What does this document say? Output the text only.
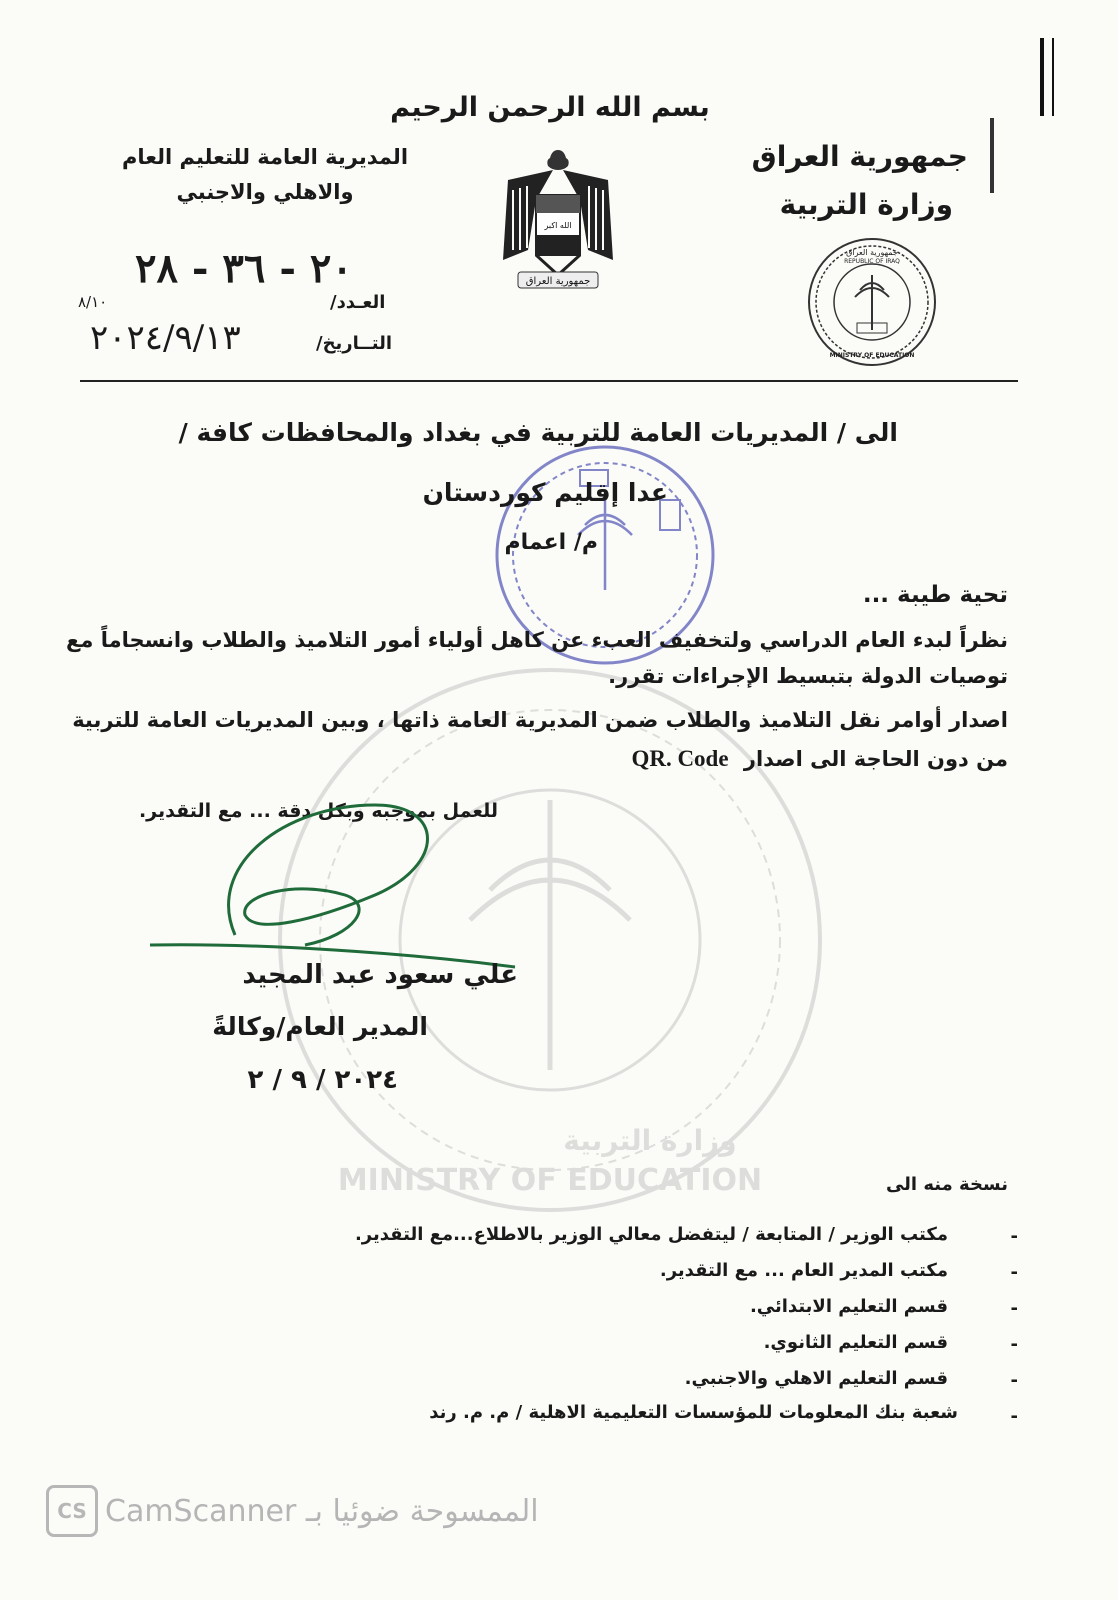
بسم الله الرحمن الرحيم
جمهورية العراق
وزارة التربية
المديرية العامة للتعليم العام
والاهلي والاجنبي
الله اكبر
جمهورية العراق
جمهورية العراق
REPUBLIC OF IRAQ
MINISTRY OF EDUCATION
العـدد/
٢٠ - ٣٦ - ٢٨
٨/١٠
التــاريخ/
٢٠٢٤/٩/١٣
MINISTRY OF EDUCATION
وزارة التربية
الى / المديريات العامة للتربية في بغداد والمحافظات كافة /
عدا إقليم كوردستان
م/ اعمام
تحية طيبة ...
نظراً لبدء العام الدراسي ولتخفيف العبء عن كاهل أولياء أمور التلاميذ والطلاب وانسجاماً مع
توصيات الدولة بتبسيط الإجراءات تقرر.
اصدار أوامر نقل التلاميذ والطلاب ضمن المديرية العامة ذاتها ، وبين المديريات العامة للتربية
من دون الحاجة الى اصدار QR. Code
للعمل بموجبه وبكل دقة ... مع التقدير.
علي سعود عبد المجيد
المدير العام/وكالةً
٢٠٢٤ / ٩ / ٢
نسخة منه الى
-
مكتب الوزير / المتابعة / ليتفضل معالي الوزير بالاطلاع...مع التقدير.
-
مكتب المدير العام ... مع التقدير.
-
قسم التعليم الابتدائي.
-
قسم التعليم الثانوي.
-
قسم التعليم الاهلي والاجنبي.
-
شعبة بنك المعلومات للمؤسسات التعليمية الاهلية / م. م. رند
CS CamScanner الممسوحة ضوئيا بـ
